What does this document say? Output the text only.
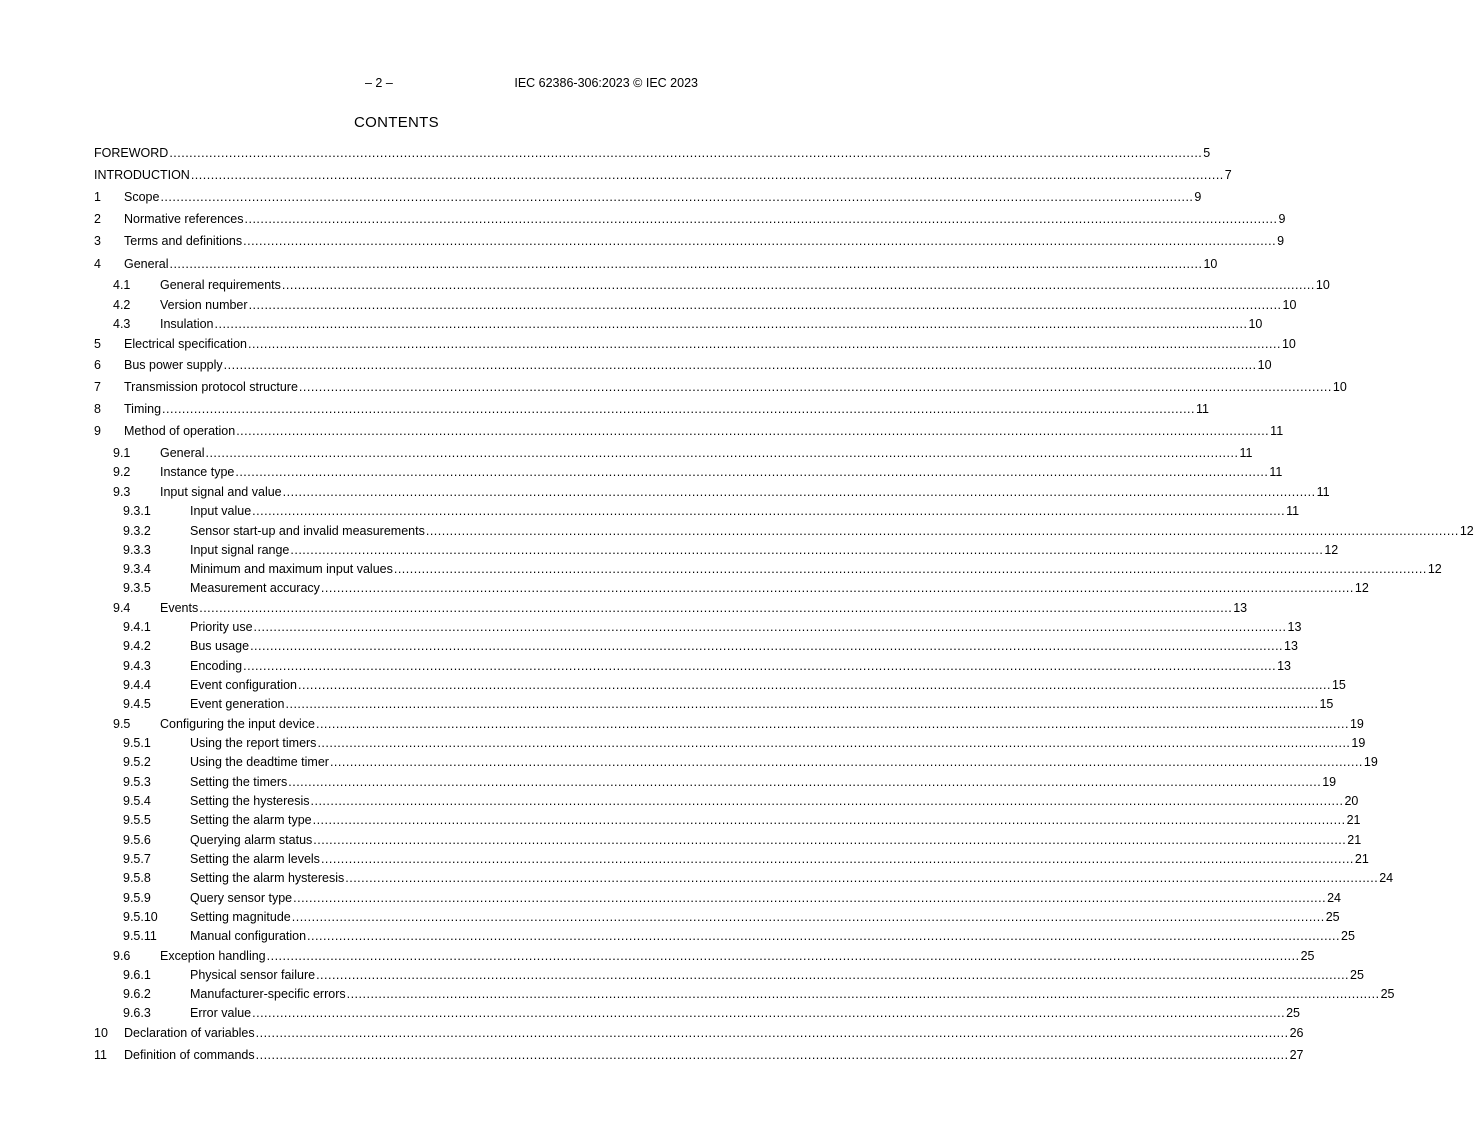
– 2 –	IEC 62386-306:2023 © IEC 2023
CONTENTS
FOREWORD .................................................................................................................................................................................................................................................................... 5
INTRODUCTION .................................................................................................................................................................................................................................................................... 7
1 Scope .................................................................................................................................................................................................................................................................... 9
2 Normative references .................................................................................................................................................................................................................................................................... 9
3 Terms and definitions .................................................................................................................................................................................................................................................................... 9
4 General .................................................................................................................................................................................................................................................................... 10
4.1 General requirements .................................................................................................................................................................................................................................................................... 10
4.2 Version number .................................................................................................................................................................................................................................................................... 10
4.3 Insulation .................................................................................................................................................................................................................................................................... 10
5 Electrical specification .................................................................................................................................................................................................................................................................... 10
6 Bus power supply .................................................................................................................................................................................................................................................................... 10
7 Transmission protocol structure .................................................................................................................................................................................................................................................................... 10
8 Timing .................................................................................................................................................................................................................................................................... 11
9 Method of operation .................................................................................................................................................................................................................................................................... 11
9.1 General .................................................................................................................................................................................................................................................................... 11
9.2 Instance type .................................................................................................................................................................................................................................................................... 11
9.3 Input signal and value .................................................................................................................................................................................................................................................................... 11
9.3.1	Input value .................................................................................................................................................................................................................................................................... 11
9.3.2	Sensor start-up and invalid measurements .................................................................................................................................................................................................................................................................... 12
9.3.3	Input signal range .................................................................................................................................................................................................................................................................... 12
9.3.4	Minimum and maximum input values .................................................................................................................................................................................................................................................................... 12
9.3.5	Measurement accuracy .................................................................................................................................................................................................................................................................... 12
9.4 Events .................................................................................................................................................................................................................................................................... 13
9.4.1	Priority use .................................................................................................................................................................................................................................................................... 13
9.4.2	Bus usage .................................................................................................................................................................................................................................................................... 13
9.4.3	Encoding .................................................................................................................................................................................................................................................................... 13
9.4.4	Event configuration .................................................................................................................................................................................................................................................................... 15
9.4.5	Event generation .................................................................................................................................................................................................................................................................... 15
9.5 Configuring the input device .................................................................................................................................................................................................................................................................... 19
9.5.1	Using the report timers .................................................................................................................................................................................................................................................................... 19
9.5.2	Using the deadtime timer .................................................................................................................................................................................................................................................................... 19
9.5.3	Setting the timers .................................................................................................................................................................................................................................................................... 19
9.5.4	Setting the hysteresis .................................................................................................................................................................................................................................................................... 20
9.5.5	Setting the alarm type .................................................................................................................................................................................................................................................................... 21
9.5.6	Querying alarm status .................................................................................................................................................................................................................................................................... 21
9.5.7	Setting the alarm levels .................................................................................................................................................................................................................................................................... 21
9.5.8	Setting the alarm hysteresis .................................................................................................................................................................................................................................................................... 24
9.5.9	Query sensor type .................................................................................................................................................................................................................................................................... 24
9.5.10	Setting magnitude .................................................................................................................................................................................................................................................................... 25
9.5.11	Manual configuration .................................................................................................................................................................................................................................................................... 25
9.6 Exception handling .................................................................................................................................................................................................................................................................... 25
9.6.1	Physical sensor failure .................................................................................................................................................................................................................................................................... 25
9.6.2	Manufacturer-specific errors .................................................................................................................................................................................................................................................................... 25
9.6.3	Error value .................................................................................................................................................................................................................................................................... 25
10 Declaration of variables .................................................................................................................................................................................................................................................................... 26
11 Definition of commands .................................................................................................................................................................................................................................................................... 27
